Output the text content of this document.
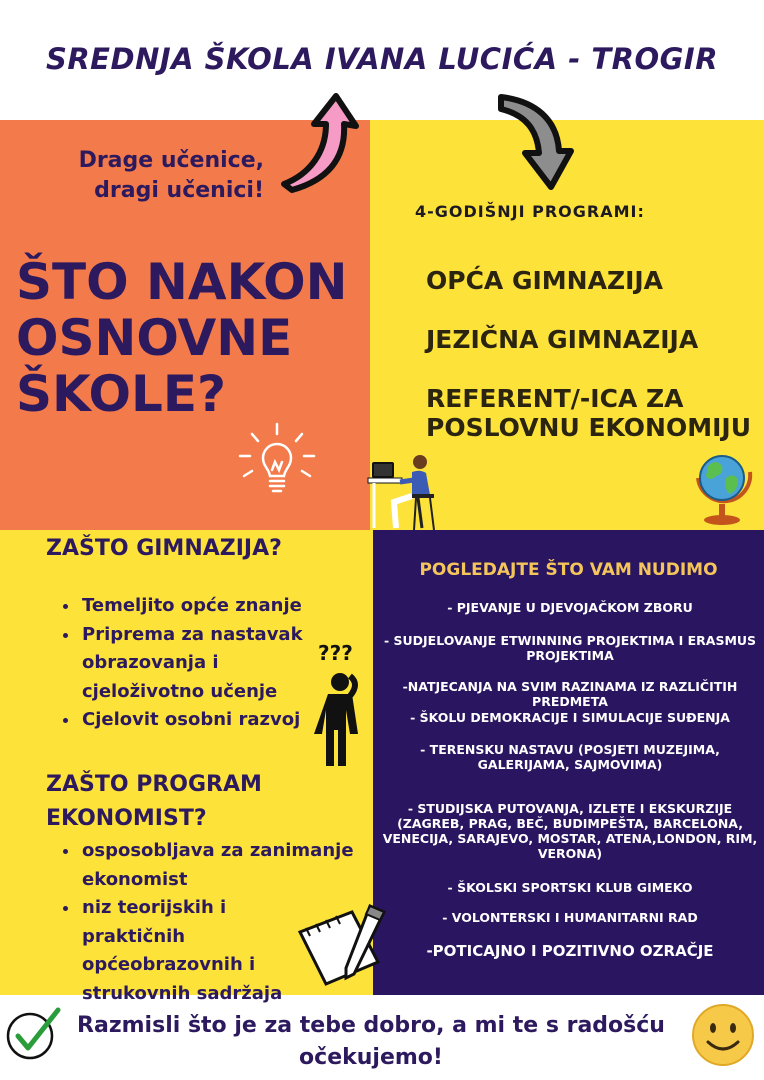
SREDNJA ŠKOLA IVANA LUCIĆA - TROGIR
Drage učenice,
dragi učenici!
ŠTO NAKON
OSNOVNE
ŠKOLE?
4-GODIŠNJI PROGRAMI:
OPĆA GIMNAZIJA
JEZIČNA GIMNAZIJA
REFERENT/-ICA ZA POSLOVNU EKONOMIJU
ZAŠTO GIMNAZIJA?
• Temeljito opće znanje
• Priprema za nastavak obrazovanja i cjeloživotno učenje
• Cjelovit osobni razvoj
???
ZAŠTO PROGRAM EKONOMIST?
• osposobljava za zanimanje ekonomist
• niz teorijskih i praktičnih općeobrazovnih i strukovnih sadržaja
POGLEDAJTE ŠTO VAM NUDIMO
- PJEVANJE U DJEVOJAČKOM ZBORU
- SUDJELOVANJE ETWINNING PROJEKTIMA I ERASMUS PROJEKTIMA
-NATJECANJA NA SVIM RAZINAMA IZ RAZLIČITIH PREDMETA
- ŠKOLU DEMOKRACIJE I SIMULACIJE SUĐENJA
- TERENSKU NASTAVU (POSJETI MUZEJIMA, GALERIJAMA, SAJMOVIMA)
- STUDIJSKA PUTOVANJA, IZLETE I EKSKURZIJE (ZAGREB, PRAG, BEČ, BUDIMPEŠTA, BARCELONA, VENECIJA, SARAJEVO, MOSTAR, ATENA,LONDON, RIM, VERONA)
- ŠKOLSKI SPORTSKI KLUB GIMEKO
- VOLONTERSKI I HUMANITARNI RAD
-POTICAJNO I POZITIVNO OZRAČJE
Razmisli što je za tebe dobro, a mi te s radošću očekujemo!
